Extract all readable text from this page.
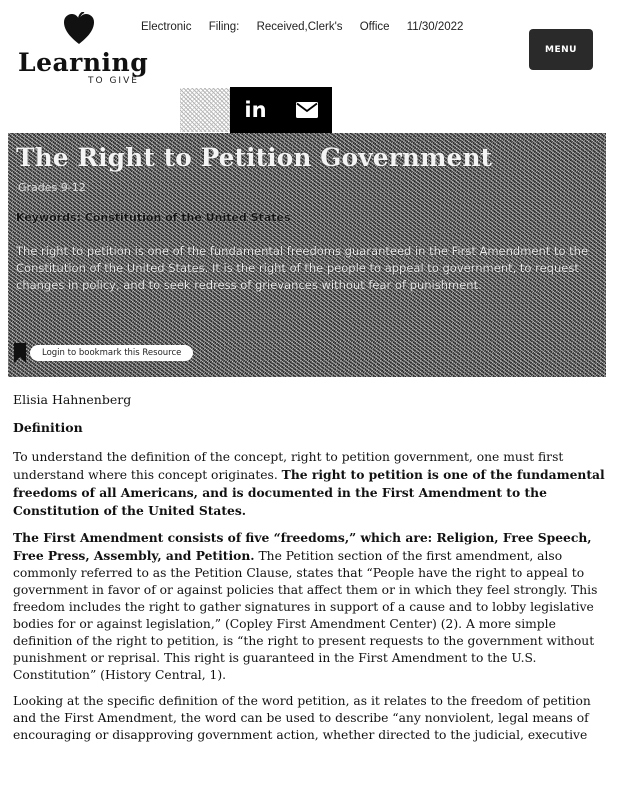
Electronic Filing: Received,Clerk's Office 11/30/2022
Learning
TO GIVE
MENU
in
The Right to Petition Government
Grades 9-12
Keywords: Constitution of the United States
The right to petition is one of the fundamental freedoms guaranteed in the First Amendment to the Constitution of the United States. It is the right of the people to appeal to government, to request changes in policy, and to seek redress of grievances without fear of punishment.
Login to bookmark this Resource
Elisia Hahnenberg
Definition

To understand the definition of the concept, right to petition government, one must first understand where this concept originates. The right to petition is one of the fundamental freedoms of all Americans, and is documented in the First Amendment to the Constitution of the United States.

The First Amendment consists of five “freedoms,” which are: Religion, Free Speech, Free Press, Assembly, and Petition. The Petition section of the first amendment, also commonly referred to as the Petition Clause, states that “People have the right to appeal to government in favor of or against policies that affect them or in which they feel strongly. This freedom includes the right to gather signatures in support of a cause and to lobby legislative bodies for or against legislation,” (Copley First Amendment Center) (2). A more simple definition of the right to petition, is “the right to present requests to the government without punishment or reprisal. This right is guaranteed in the First Amendment to the U.S. Constitution” (History Central, 1).

Looking at the specific definition of the word petition, as it relates to the freedom of petition and the First Amendment, the word can be used to describe “any nonviolent, legal means of encouraging or disapproving government action, whether directed to the judicial, executive
